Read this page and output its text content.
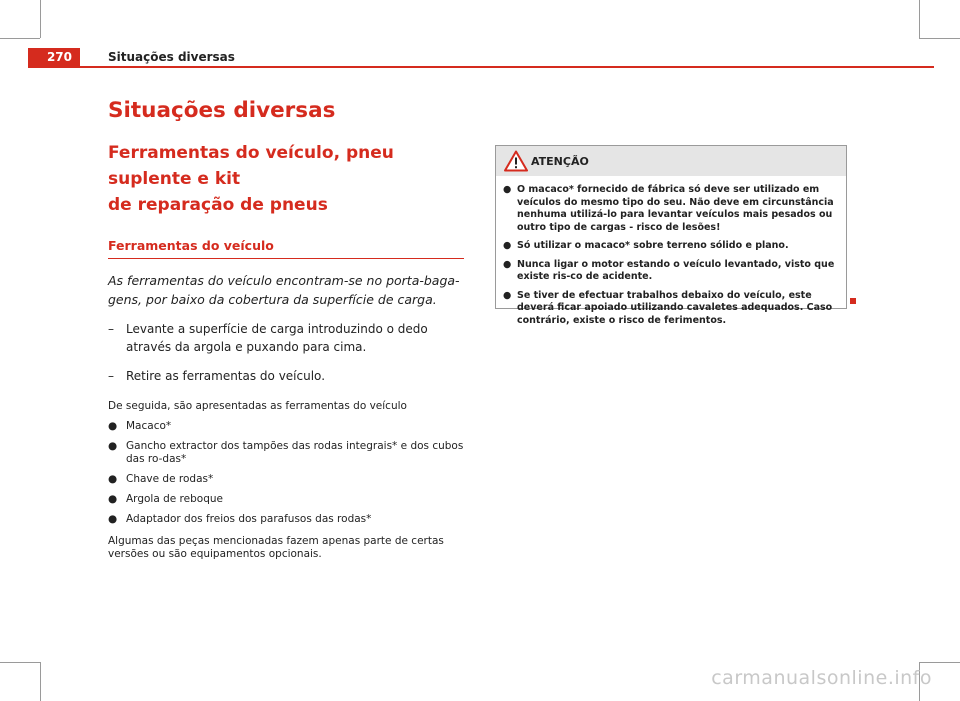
270	Situações diversas
Situações diversas
Ferramentas do veículo, pneu suplente e kit
de reparação de pneus
Ferramentas do veículo
As ferramentas do veículo encontram-se no porta-baga-
gens, por baixo da cobertura da superfície de carga.
–	Levante a superfície de carga introduzindo o dedo através da argola e puxando para cima.
–	Retire as ferramentas do veículo.
De seguida, são apresentadas as ferramentas do veículo
● Macaco*
● Gancho extractor dos tampões das rodas integrais* e dos cubos das ro-das*
● Chave de rodas*
● Argola de reboque
● Adaptador dos freios dos parafusos das rodas*
Algumas das peças mencionadas fazem apenas parte de certas versões ou são equipamentos opcionais.
ATENÇÃO
● O macaco* fornecido de fábrica só deve ser utilizado em veículos do mesmo tipo do seu. Não deve em circunstância nenhuma utilizá-lo para levantar veículos mais pesados ou outro tipo de cargas - risco de lesões!
● Só utilizar o macaco* sobre terreno sólido e plano.
● Nunca ligar o motor estando o veículo levantado, visto que existe ris-co de acidente.
● Se tiver de efectuar trabalhos debaixo do veículo, este deverá ficar apoiado utilizando cavaletes adequados. Caso contrário, existe o risco de ferimentos.
carmanualsonline.info
